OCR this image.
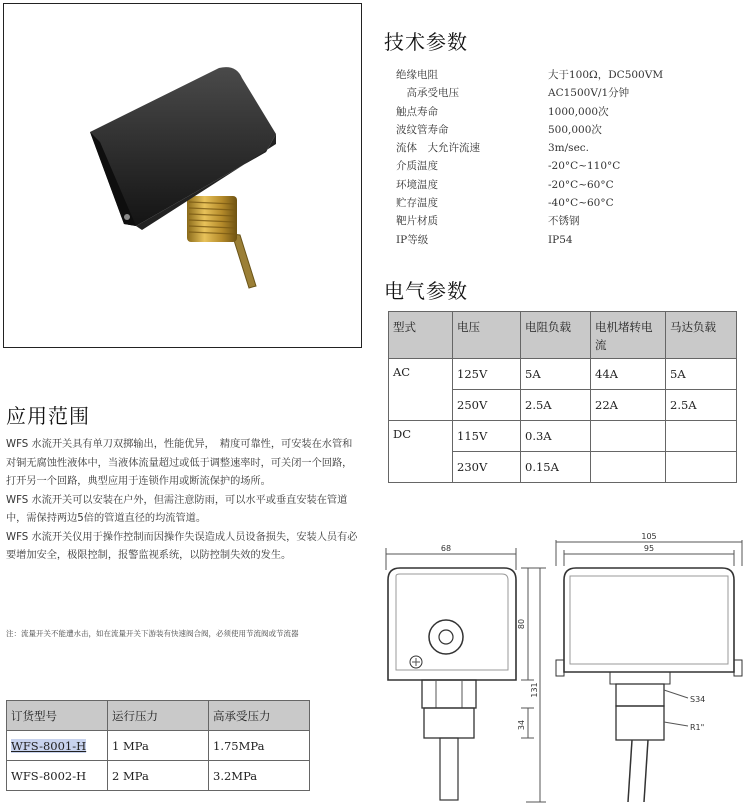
技术参数
绝缘电阻	大于100Ω，DC500VM
　高承受电压	AC1500V/1分钟
触点寿命	1000,000次
波纹管寿命	500,000次
流体　大允许流速	3m/sec.
介质温度	-20°C~110°C
环境温度	-20°C~60°C
贮存温度	-40°C~60°C
靶片材质	不锈钢
IP等级	IP54
电气参数
型式	电压	电阻负载	电机堵转电流	马达负载
AC	125V	5A	44A	5A
	250V	2.5A	22A	2.5A
DC	115V	0.3A		
	230V	0.15A		
应用范围

WFS 水流开关具有单刀双掷输出，性能优异，　精度可靠性，可安装在水管和对铜无腐蚀性液体中，当液体流量超过或低于调整速率时，可关闭一个回路，打开另一个回路，典型应用于连锁作用或断流保护的场所。

WFS 水流开关可以安装在户外，但需注意防雨，可以水平或垂直安装在管道中，需保持两边5倍的管道直径的均流管道。

WFS 水流开关仪用于操作控制而因操作失误造成人员设备损失，安装人员有必要增加安全，极限控制，报警监视系统，以防控制失效的发生。

注：流量开关不能遭水击，如在流量开关下游装有快速阀合阀，必须使用节流阀或节流器
订货型号	运行压力	高承受压力
WFS-8001-H	1 MPa	1.75MPa
WFS-8002-H	2 MPa	3.2MPa
68
105
95
80
131
34
S34
R1"
